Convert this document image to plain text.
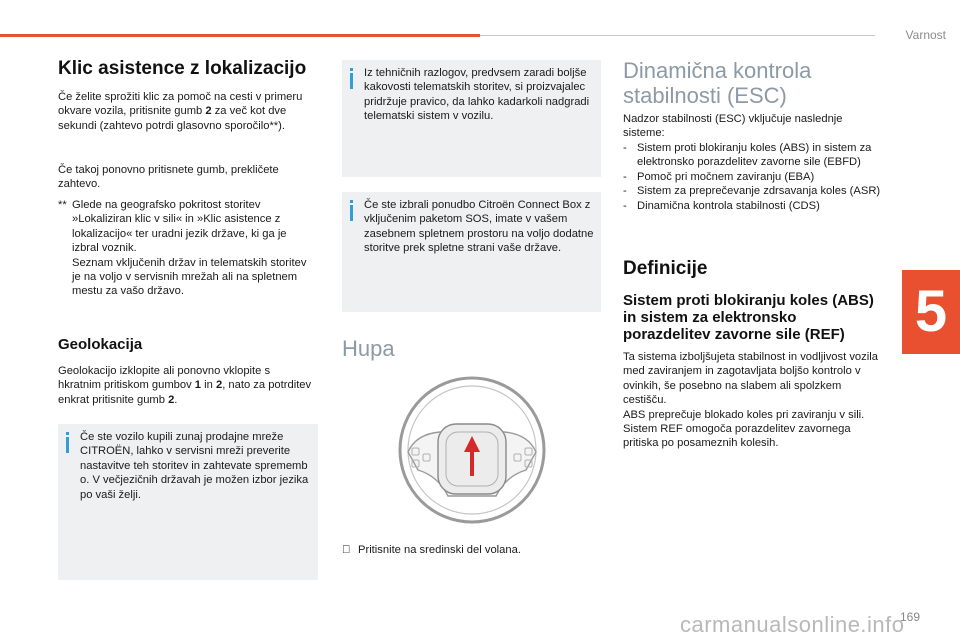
Varnost
5
Klic asistence z lokalizacijo
Če želite sprožiti klic za pomoč na cesti v primeru okvare vozila, pritisnite gumb 2 za več kot dve sekundi (zahtevo potrdi glasovno sporočilo**).
Če takoj ponovno pritisnete gumb, prekličete zahtevo.
** Glede na geografsko pokritost storitev »Lokaliziran klic v sili« in »Klic asistence z lokalizacijo« ter uradni jezik države, ki ga je izbral voznik.
Seznam vključenih držav in telematskih storitev je na voljo v servisnih mrežah ali na spletnem mestu za vašo državo.
Geolokacija
Geolokacijo izklopite ali ponovno vklopite s hkratnim pritiskom gumbov 1 in 2, nato za potrditev enkrat pritisnite gumb 2.
Če ste vozilo kupili zunaj prodajne mreže CITROËN, lahko v servisni mreži preverite nastavitve teh storitev in zahtevate sprememb o. V večjezičnih državah je možen izbor jezika po vaši želji.
Iz tehničnih razlogov, predvsem zaradi boljše kakovosti telematskih storitev, si proizvajalec pridržuje pravico, da lahko kadarkoli nadgradi telematski sistem v vozilu.
Če ste izbrali ponudbo Citroën Connect Box z vključenim paketom SOS, imate v vašem zasebnem spletnem prostoru na voljo dodatne storitve prek spletne strani vaše države.
Hupa
Pritisnite na sredinski del volana.
Dinamična kontrola
stabilnosti (ESC)
Nadzor stabilnosti (ESC) vključuje naslednje sisteme:
- Sistem proti blokiranju koles (ABS) in sistem za elektronsko porazdelitev zavorne sile (EBFD)
- Pomoč pri močnem zaviranju (EBA)
- Sistem za preprečevanje zdrsavanja koles (ASR)
- Dinamična kontrola stabilnosti (CDS)
Definicije
Sistem proti blokiranju koles (ABS) in sistem za elektronsko porazdelitev zavorne sile (REF)
Ta sistema izboljšujeta stabilnost in vodljivost vozila med zaviranjem in zagotavljata boljšo kontrolo v ovinkih, še posebno na slabem ali spolzkem cestišču.
ABS preprečuje blokado koles pri zaviranju v sili.
Sistem REF omogoča porazdelitev zavornega pritiska po posameznih kolesih.
carmanualsonline.info
169
